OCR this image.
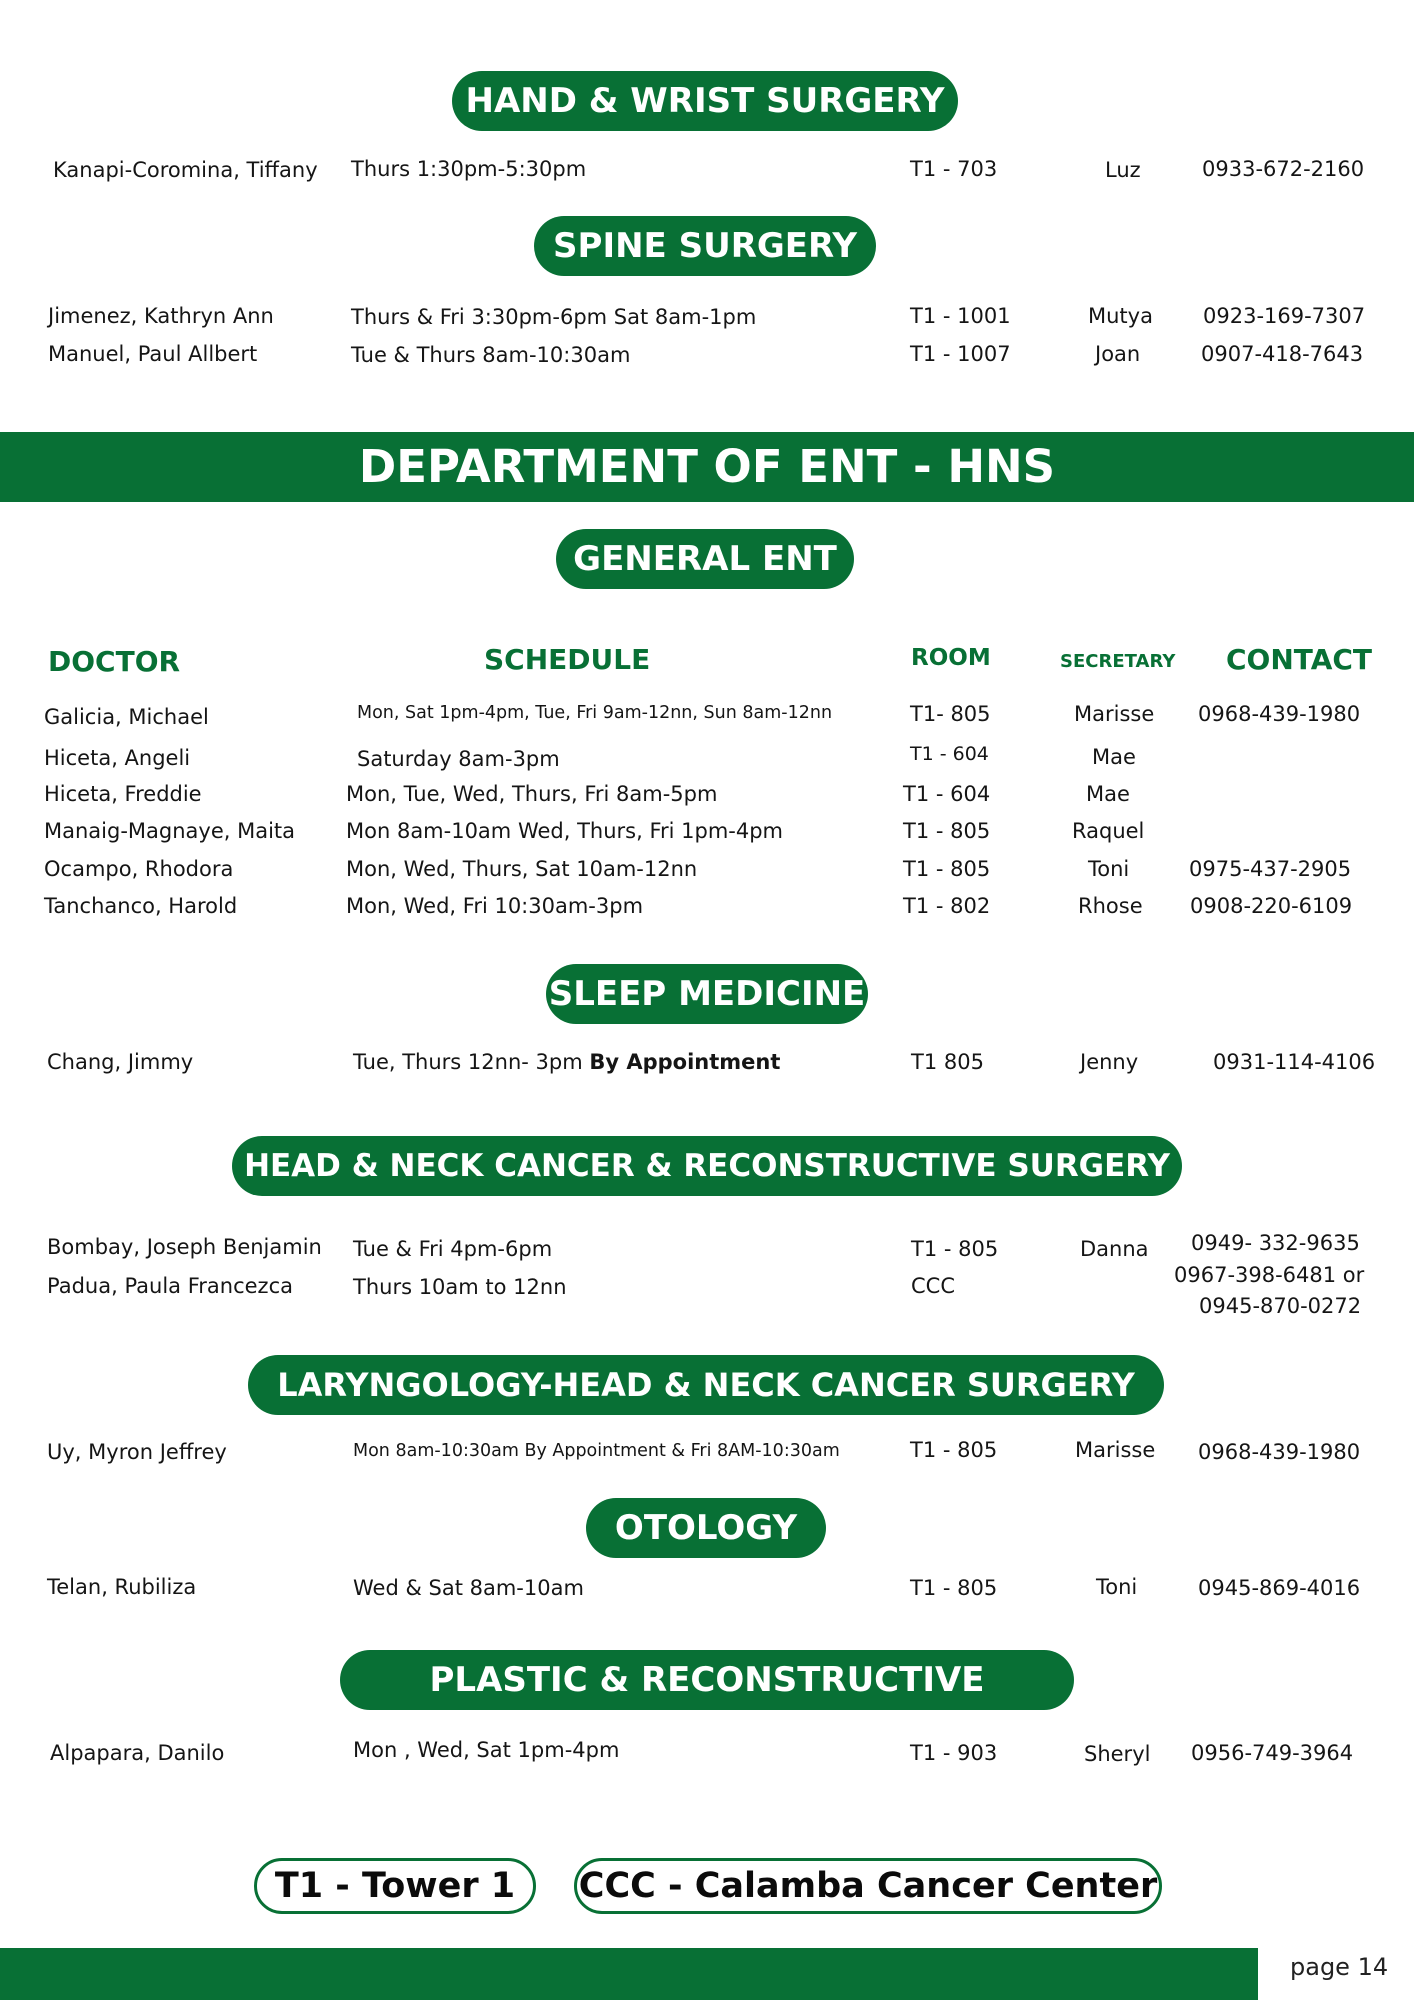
HAND & WRIST SURGERY
Kanapi-Coromina, Tiffany Thurs 1:30pm-5:30pm	T1 - 703	Luz	0933-672-2160
SPINE SURGERY
Jimenez, Kathryn Ann	Thurs & Fri 3:30pm-6pm Sat 8am-1pm	T1 - 1001	Mutya 0923-169-7307
Manuel, Paul Allbert	Tue & Thurs 8am-10:30am	T1 - 1007	Joan	0907-418-7643
DEPARTMENT OF ENT - HNS
GENERAL ENT
DOCTOR	SCHEDULE	ROOM	SECRETARY CONTACT
Galicia, Michael	Mon, Sat 1pm-4pm, Tue, Fri 9am-12nn, Sun 8am-12nn	T1- 805	Marisse 0968-439-1980
Hiceta, Angeli	Saturday 8am-3pm	T1 - 604	Mae
Hiceta, Freddie	Mon, Tue, Wed, Thurs, Fri 8am-5pm	T1 - 604	Mae
Manaig-Magnaye, Maita Mon 8am-10am Wed, Thurs, Fri 1pm-4pm	T1 - 805	Raquel
Ocampo, Rhodora	Mon, Wed, Thurs, Sat 10am-12nn	T1 - 805	Toni	0975-437-2905
Tanchanco, Harold	Mon, Wed, Fri 10:30am-3pm	T1 - 802	Rhose 0908-220-6109
SLEEP MEDICINE
Chang, Jimmy	Tue, Thurs 12nn- 3pm By Appointment	T1 805	Jenny	0931-114-4106
HEAD & NECK CANCER & RECONSTRUCTIVE SURGERY
Bombay, Joseph Benjamin Tue & Fri 4pm-6pm	T1 - 805	Danna 0949- 332-9635
Padua, Paula Francezca	Thurs 10am to 12nn	CCC	0967-398-6481 or
0945-870-0272
LARYNGOLOGY-HEAD & NECK CANCER SURGERY
Uy, Myron Jeffrey	Mon 8am-10:30am By Appointment & Fri 8AM-10:30am	T1 - 805	Marisse 0968-439-1980
OTOLOGY
Telan, Rubiliza	Wed & Sat 8am-10am	T1 - 805	Toni	0945-869-4016
PLASTIC & RECONSTRUCTIVE SURGERY
Alpapara, Danilo	Mon , Wed, Sat 1pm-4pm	T1 - 903	Sheryl 0956-749-3964
T1 - Tower 1	CCC - Calamba Cancer Center
page 14
